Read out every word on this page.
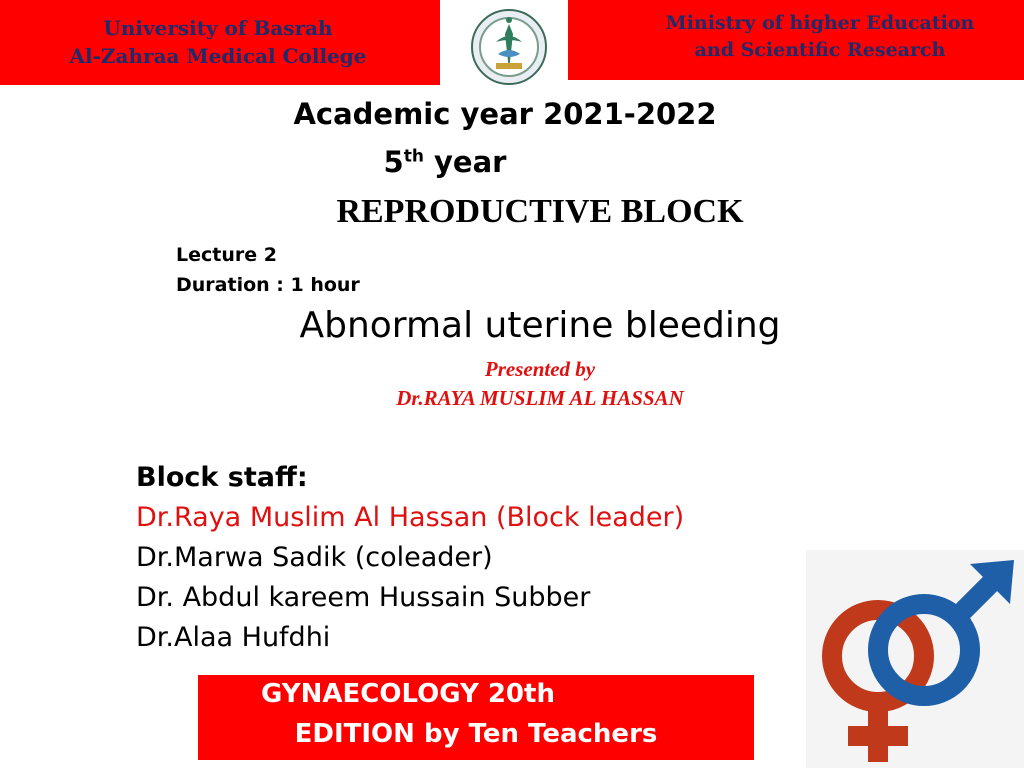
University of Basrah
Al-Zahraa Medical College
Ministry of higher Education
and Scientific Research
Academic year 2021-2022
5th year
REPRODUCTIVE BLOCK
Lecture 2
Duration : 1 hour
Abnormal uterine bleeding
Presented by
Dr.RAYA MUSLIM AL HASSAN
Block staff:
Dr.Raya Muslim Al Hassan (Block leader)
Dr.Marwa Sadik (coleader)
Dr. Abdul kareem Hussain Subber
Dr.Alaa Hufdhi
GYNAECOLOGY 20th
EDITION by Ten Teachers
